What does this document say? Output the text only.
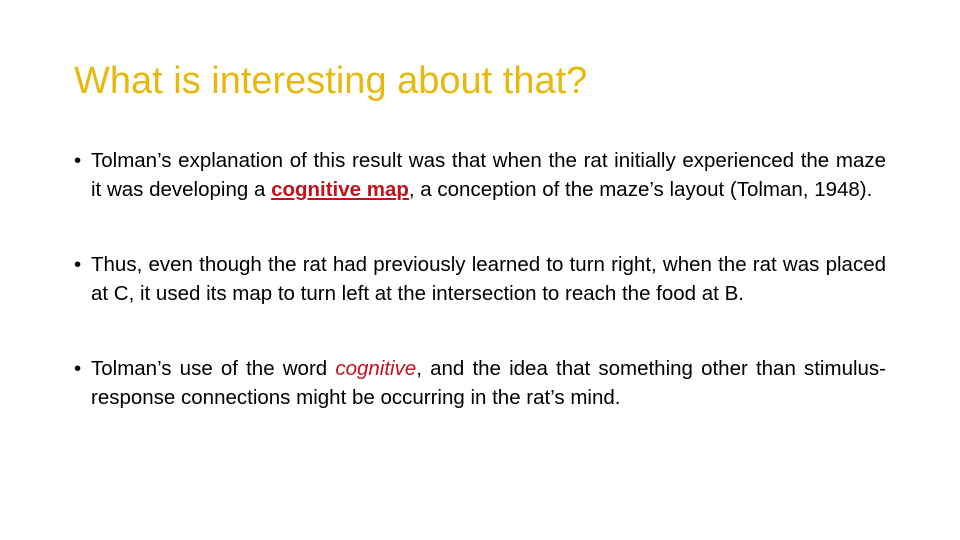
What is interesting about that?
• Tolman’s explanation of this result was that when the rat initially experienced the maze it was developing a cognitive map, a conception of the maze’s layout (Tolman, 1948).
• Thus, even though the rat had previously learned to turn right, when the rat was placed at C, it used its map to turn left at the intersection to reach the food at B.
• Tolman’s use of the word cognitive, and the idea that something other than stimulus-response connections might be occurring in the rat’s mind.
